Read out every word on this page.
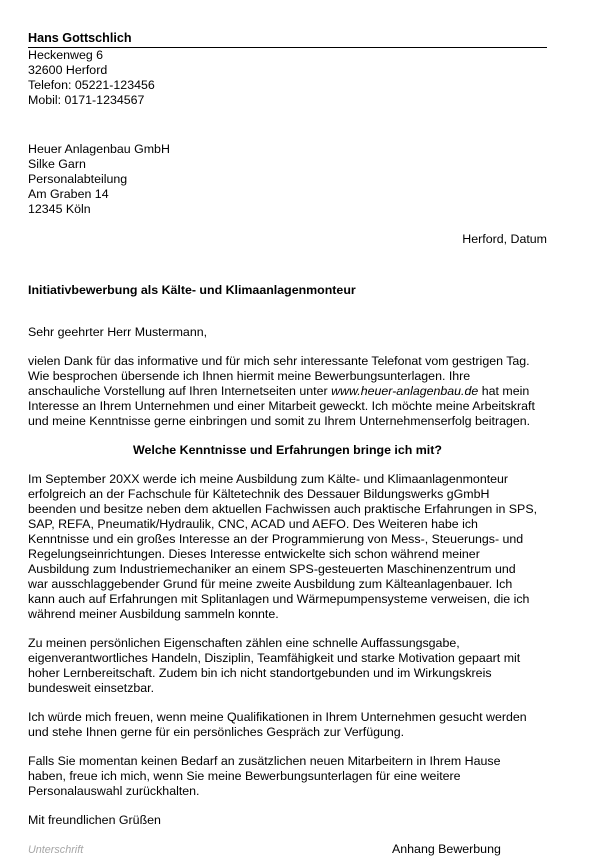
Hans Gottschlich
Heckenweg 6
32600 Herford
Telefon: 05221-123456
Mobil: 0171-1234567
Heuer Anlagenbau GmbH
Silke Garn
Personalabteilung
Am Graben 14
12345 Köln
Herford, Datum
Initiativbewerbung als Kälte- und Klimaanlagenmonteur
Sehr geehrter Herr Mustermann,
vielen Dank für das informative und für mich sehr interessante Telefonat vom gestrigen Tag.
Wie besprochen übersende ich Ihnen hiermit meine Bewerbungsunterlagen. Ihre
anschauliche Vorstellung auf Ihren Internetseiten unter www.heuer-anlagenbau.de hat mein
Interesse an Ihrem Unternehmen und einer Mitarbeit geweckt. Ich möchte meine Arbeitskraft
und meine Kenntnisse gerne einbringen und somit zu Ihrem Unternehmenserfolg beitragen.
Welche Kenntnisse und Erfahrungen bringe ich mit?
Im September 20XX werde ich meine Ausbildung zum Kälte- und Klimaanlagenmonteur
erfolgreich an der Fachschule für Kältetechnik des Dessauer Bildungswerks gGmbH
beenden und besitze neben dem aktuellen Fachwissen auch praktische Erfahrungen in SPS,
SAP, REFA, Pneumatik/Hydraulik, CNC, ACAD und AEFO. Des Weiteren habe ich
Kenntnisse und ein großes Interesse an der Programmierung von Mess-, Steuerungs- und
Regelungseinrichtungen. Dieses Interesse entwickelte sich schon während meiner
Ausbildung zum Industriemechaniker an einem SPS-gesteuerten Maschinenzentrum und
war ausschlaggebender Grund für meine zweite Ausbildung zum Kälteanlagenbauer. Ich
kann auch auf Erfahrungen mit Splitanlagen und Wärmepumpensysteme verweisen, die ich
während meiner Ausbildung sammeln konnte.
Zu meinen persönlichen Eigenschaften zählen eine schnelle Auffassungsgabe,
eigenverantwortliches Handeln, Disziplin, Teamfähigkeit und starke Motivation gepaart mit
hoher Lernbereitschaft. Zudem bin ich nicht standortgebunden und im Wirkungskreis
bundesweit einsetzbar.
Ich würde mich freuen, wenn meine Qualifikationen in Ihrem Unternehmen gesucht werden
und stehe Ihnen gerne für ein persönliches Gespräch zur Verfügung.
Falls Sie momentan keinen Bedarf an zusätzlichen neuen Mitarbeitern in Ihrem Hause
haben, freue ich mich, wenn Sie meine Bewerbungsunterlagen für eine weitere
Personalauswahl zurückhalten.
Mit freundlichen Grüßen
Unterschrift	Anhang Bewerbung
